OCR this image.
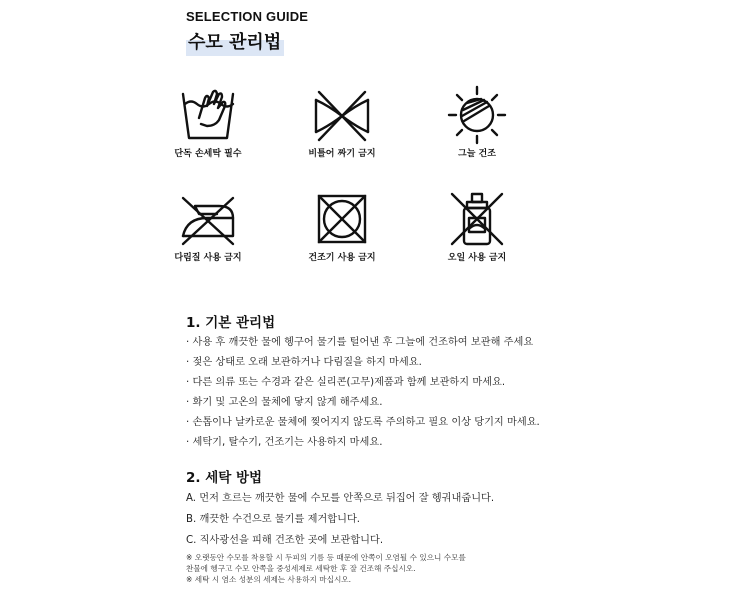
SELECTION GUIDE
수모 관리법
단독 손세탁 필수	비틀어 짜기 금지	그늘 건조
다림질 사용 금지	건조기 사용 금지	오일 사용 금지
1. 기본 관리법
· 사용 후 깨끗한 물에 헹구어 물기를 털어낸 후 그늘에 건조하여 보관해 주세요
· 젖은 상태로 오래 보관하거나 다림질을 하지 마세요.
· 다른 의류 또는 수경과 같은 실리콘(고무)제품과 함께 보관하지 마세요.
· 화기 및 고온의 물체에 닿지 않게 해주세요.
· 손톱이나 날카로운 물체에 찢어지지 않도록 주의하고 필요 이상 당기지 마세요.
· 세탁기, 탈수기, 건조기는 사용하지 마세요.
2. 세탁 방법
A. 먼저 흐르는 깨끗한 물에 수모를 안쪽으로 뒤집어 잘 헹궈내줍니다.
B. 깨끗한 수건으로 물기를 제거합니다.
C. 직사광선을 피해 건조한 곳에 보관합니다.
※ 오랫동안 수모를 착용할 시 두피의 기름 등 때문에 안쪽이 오염될 수 있으니 수모를
찬물에 헹구고 수모 안쪽을 중성세제로 세탁한 후 잘 건조해 주십시오.
※ 세탁 시 염소 성분의 세제는 사용하지 마십시오.
